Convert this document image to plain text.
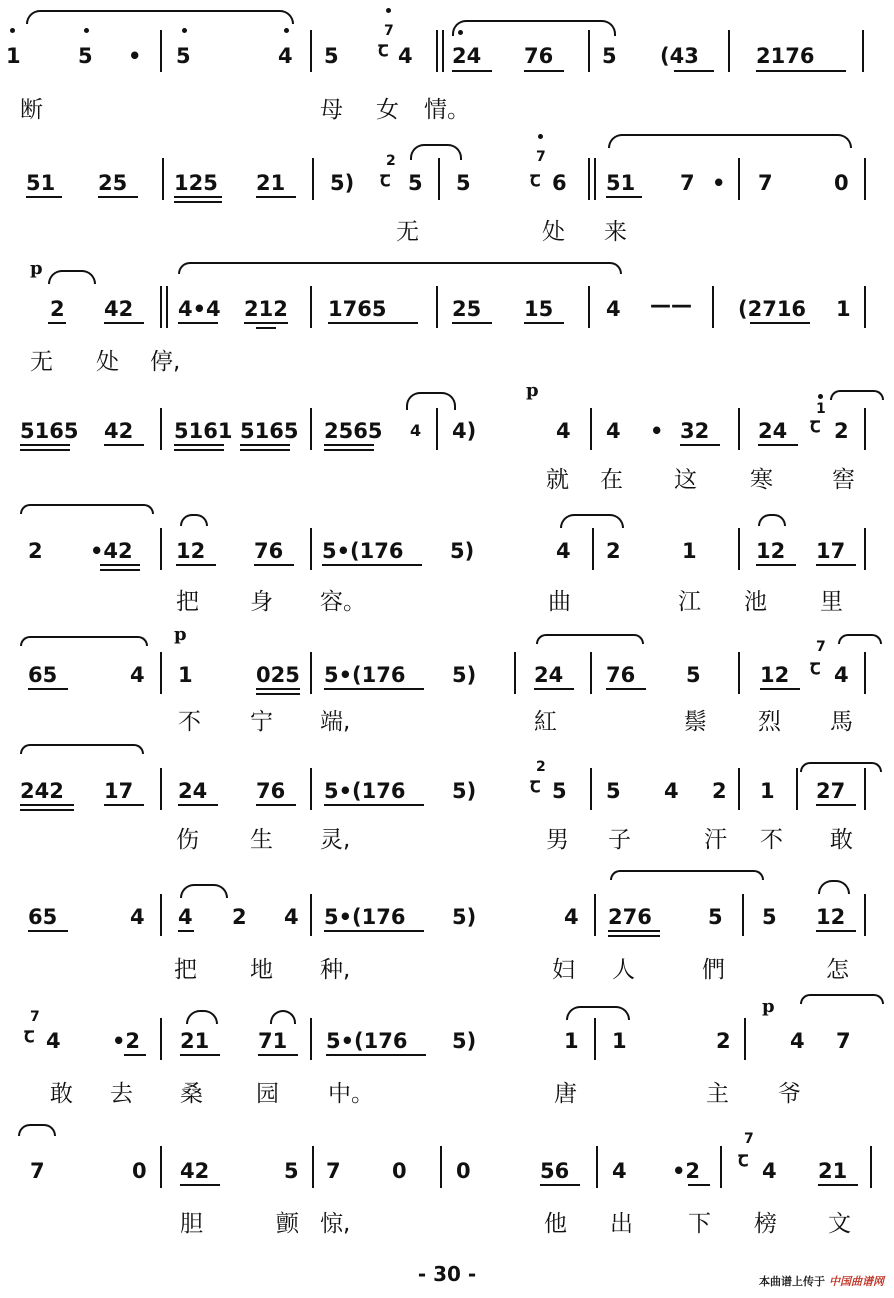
1	5 • 5	4 5
7
ꞇ 4 24 76 5 (43	2176
断	母 女 情。
51 25 125 21 5)
2
ꞇ 5 5
7
ꞇ 6 51 7 • 7	0
无	处 来
p
2 42 4•4 212 1765	25 15	4 —— (2716 1
无 处 停,
p
5165 42 5161 5165 2565 4 4)	4 4 • 32 24
1
ꞇ 2
就 在 这 寒	窖
2 •42 12 76 5•(176 5)	4 2	1	12 17
把 身 容。	曲	江 池 里
p
65	4 1	025 5•(176 5)	24 76 5	12
7
ꞇ 4
不 宁 端,	紅	鬃 烈 馬
242 17 24 76 5•(176 5)
2
ꞇ 5 5 4 2 1 27
伤 生 灵,	男 子	汗 不 敢
65	4 4 2 4 5•(176 5)	4 276	5 5 12
把 地 种,	妇 人	們	怎
p
7
ꞇ 4 •2 21 71 5•(176 5)	1 1	2	4 7
敢 去 桑 园 中。	唐	主 爷
7	0 42	5 7 0 0	56 4 •2
7
ꞇ 4 21
胆	颤 惊,	他 出 下 榜 文
- 30 -	本曲谱上传于 中国曲谱网
